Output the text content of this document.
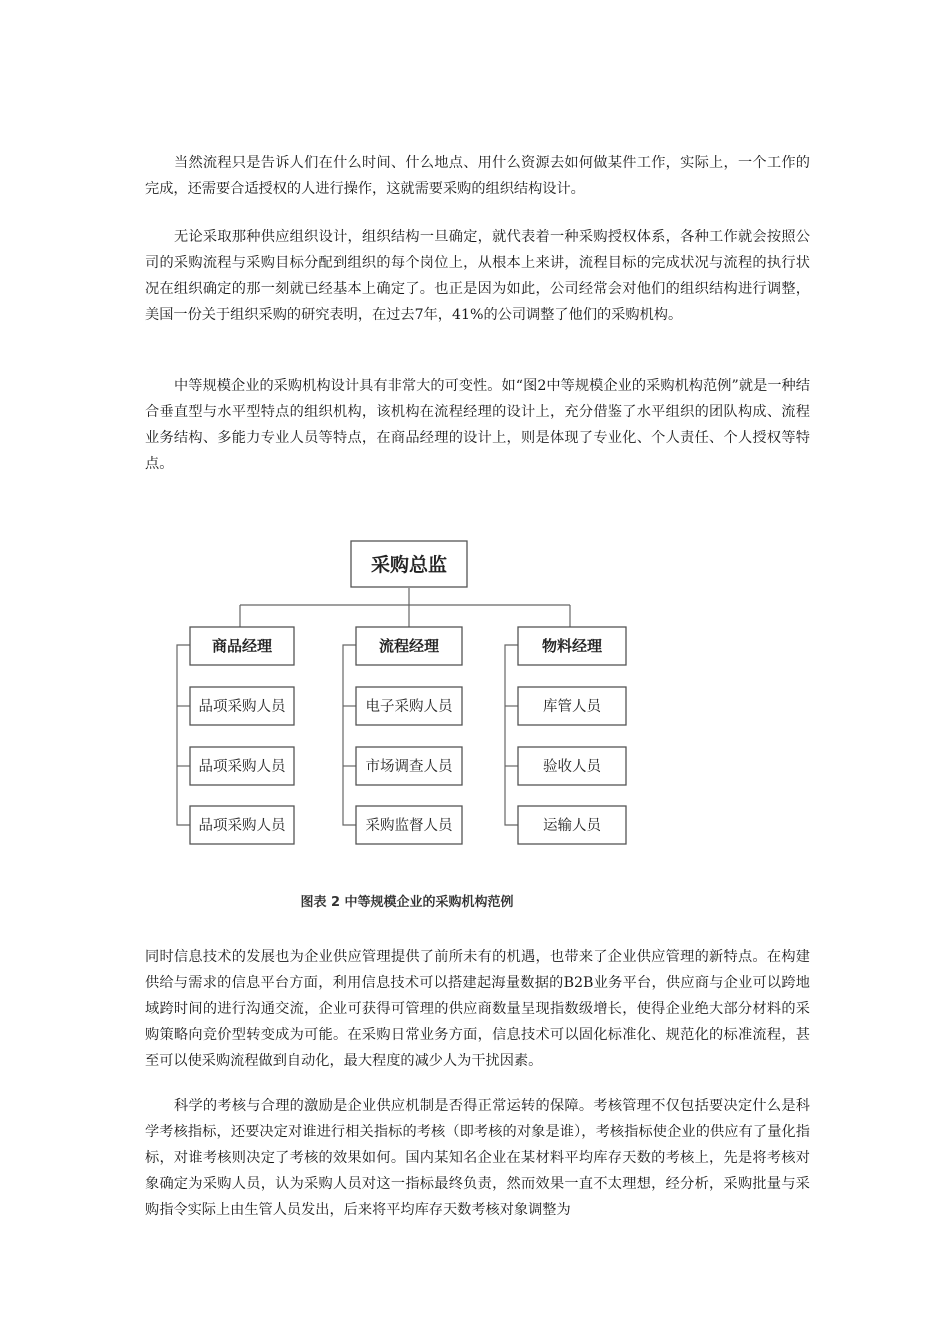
当然流程只是告诉人们在什么时间、什么地点、用什么资源去如何做某件工作，实际上，一个工作的完成，还需要合适授权的人进行操作，这就需要采购的组织结构设计。

无论采取那种供应组织设计，组织结构一旦确定，就代表着一种采购授权体系，各种工作就会按照公司的采购流程与采购目标分配到组织的每个岗位上，从根本上来讲，流程目标的完成状况与流程的执行状况在组织确定的那一刻就已经基本上确定了。也正是因为如此，公司经常会对他们的组织结构进行调整，美国一份关于组织采购的研究表明，在过去7年，41%的公司调整了他们的采购机构。

中等规模企业的采购机构设计具有非常大的可变性。如“图2中等规模企业的采购机构范例”就是一种结合垂直型与水平型特点的组织机构，该机构在流程经理的设计上，充分借鉴了水平组织的团队构成、流程业务结构、多能力专业人员等特点，在商品经理的设计上，则是体现了专业化、个人责任、个人授权等特点。

采购总监
商品经理	流程经理	物料经理
品项采购人员
品项采购人员
品项采购人员
电子采购人员
市场调查人员
采购监督人员
库管人员
验收人员
运输人员
图表 2 中等规模企业的采购机构范例

同时信息技术的发展也为企业供应管理提供了前所未有的机遇，也带来了企业供应管理的新特点。在构建供给与需求的信息平台方面，利用信息技术可以搭建起海量数据的B2B业务平台，供应商与企业可以跨地域跨时间的进行沟通交流，企业可获得可管理的供应商数量呈现指数级增长，使得企业绝大部分材料的采购策略向竞价型转变成为可能。在采购日常业务方面，信息技术可以固化标准化、规范化的标准流程，甚至可以使采购流程做到自动化，最大程度的减少人为干扰因素。

科学的考核与合理的激励是企业供应机制是否得正常运转的保障。考核管理不仅包括要决定什么是科学考核指标，还要决定对谁进行相关指标的考核（即考核的对象是谁），考核指标使企业的供应有了量化指标，对谁考核则决定了考核的效果如何。国内某知名企业在某材料平均库存天数的考核上，先是将考核对象确定为采购人员，认为采购人员对这一指标最终负责，然而效果一直不太理想，经分析，采购批量与采购指令实际上由生管人员发出，后来将平均库存天数考核对象调整为
